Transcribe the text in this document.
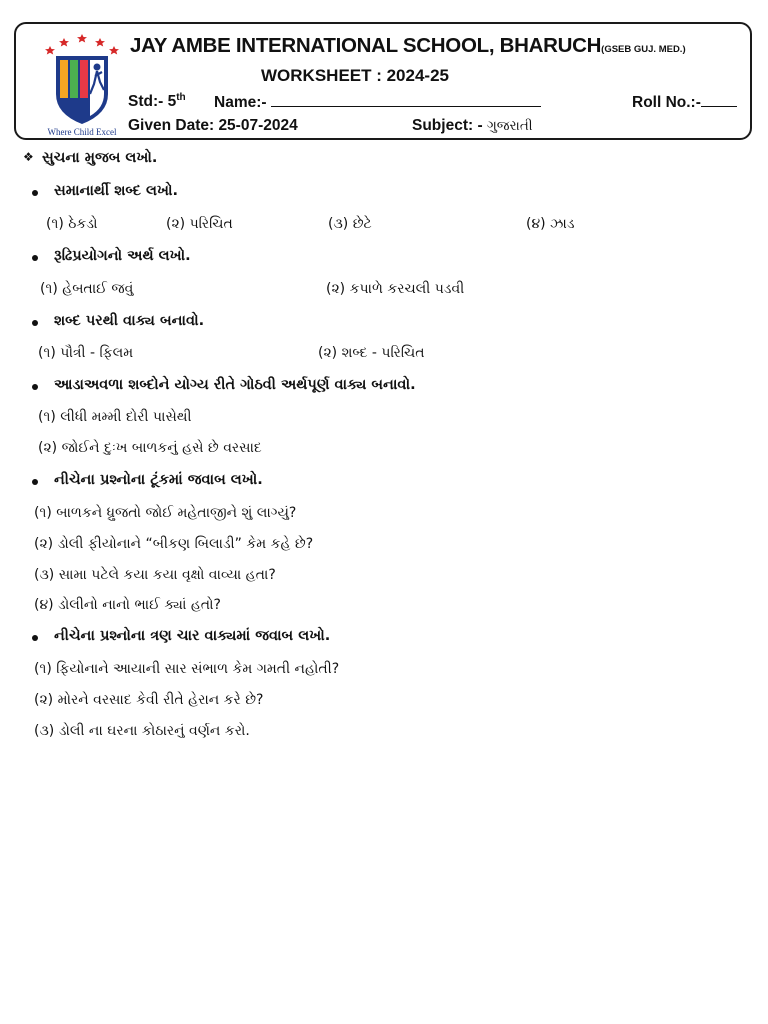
Where Child Excel
JAY AMBE INTERNATIONAL SCHOOL, BHARUCH(GSEB GUJ. MED.)
WORKSHEET : 2024-25
Std:- 5th Name:-	Roll No.:-
Given Date: 25-07-2024	Subject: - ગુજરાતી
❖ સુચના મુજબ લખો.
સમાનાર્થી શબ્દ લખો.
(૧) ઠેકડો	(૨) પરિચિત	(૩) છેટે	(૪) ઝાડ
રૂઢિપ્રયોગનો અર્થ લખો.
(૧) હેબતાઈ જવું	(૨) કપાળે કરચલી પડવી
શબ્દ પરથી વાક્ય બનાવો.
(૧) પૌત્રી - ફિલમ	(૨) શબ્દ - પરિચિત
આડાઅવળા શબ્દોને યોગ્ય રીતે ગોઠવી અર્થપૂર્ણ વાક્ય બનાવો.
(૧) લીધી મમ્મી દોરી પાસેથી
(૨) જોઈને દુઃખ બાળકનું હસે છે વરસાદ
નીચેના પ્રશ્નોના ટૂંકમાં જવાબ લખો.
(૧) બાળકને ધ્રુજતો જોઈ મહેતાજીને શું લાગ્યું?
(૨) ડોલી ફીયોનાને “બીકણ બિલાડી” કેમ કહે છે?
(૩) સામા પટેલે કયા કયા વૃક્ષો વાવ્યા હતા?
(૪) ડોલીનો નાનો ભાઈ ક્યાં હતો?
નીચેના પ્રશ્નોના ત્રણ ચાર વાક્યમાં જવાબ લખો.
(૧) ફિયોનાને આયાની સાર સંભાળ કેમ ગમતી નહોતી?
(૨) મોરને વરસાદ કેવી રીતે હેરાન કરે છે?
(૩) ડોલી ના ઘરના કોઠારનું વર્ણન કરો.
